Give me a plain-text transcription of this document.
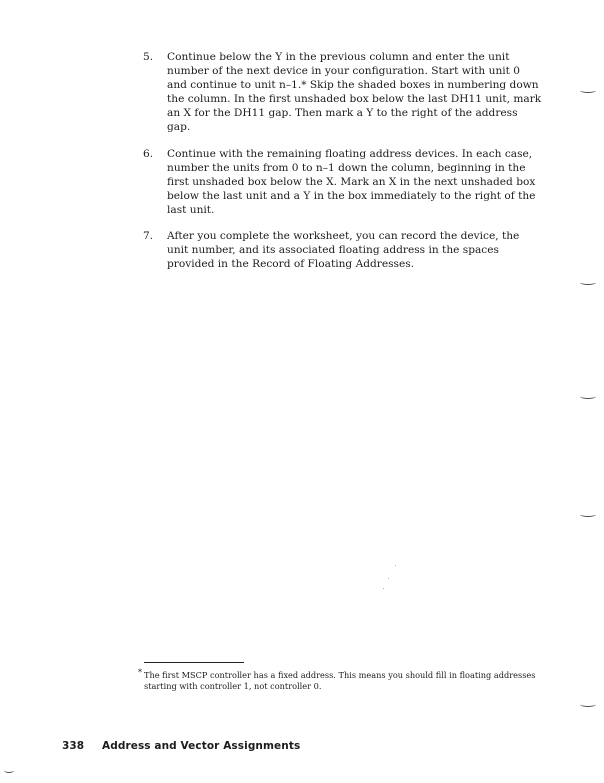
5. Continue below the Y in the previous column and enter the unit number of the next device in your configuration. Start with unit 0 and continue to unit n–1.* Skip the shaded boxes in numbering down the column. In the first unshaded box below the last DH11 unit, mark an X for the DH11 gap. Then mark a Y to the right of the address gap.
6. Continue with the remaining floating address devices. In each case, number the units from 0 to n–1 down the column, beginning in the first unshaded box below the X. Mark an X in the next unshaded box below the last unit and a Y in the box immediately to the right of the last unit.
7. After you complete the worksheet, you can record the device, the unit number, and its associated floating address in the spaces provided in the Record of Floating Addresses.
* The first MSCP controller has a fixed address. This means you should fill in floating addresses starting with controller 1, not controller 0.
338 Address and Vector Assignments
